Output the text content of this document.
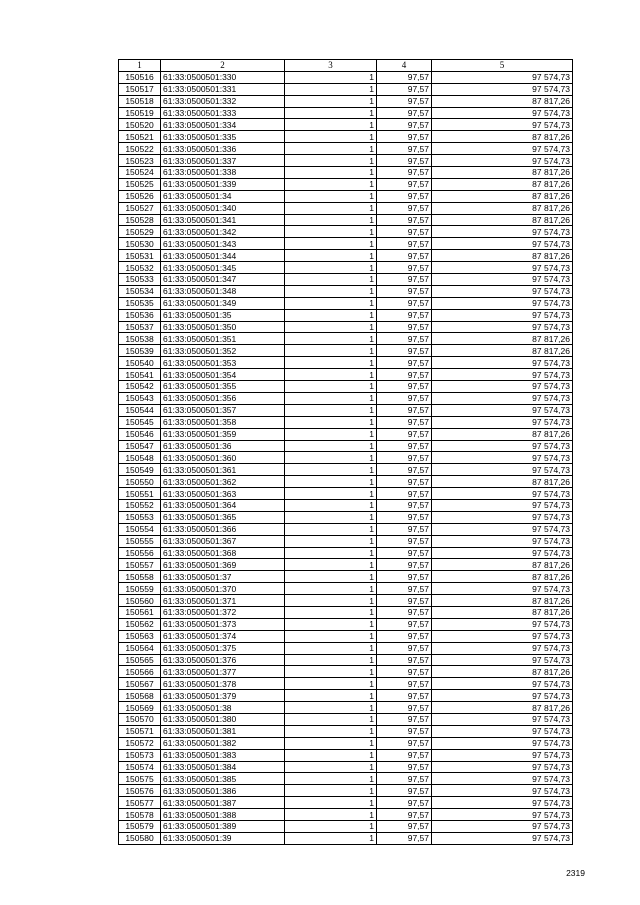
1	2	3	4	5
150516	61:33:0500501:330	1	97,57	97 574,73
150517	61:33:0500501:331	1	97,57	97 574,73
150518	61:33:0500501:332	1	97,57	87 817,26
150519	61:33:0500501:333	1	97,57	97 574,73
150520	61:33:0500501:334	1	97,57	97 574,73
150521	61:33:0500501:335	1	97,57	87 817,26
150522	61:33:0500501:336	1	97,57	97 574,73
150523	61:33:0500501:337	1	97,57	97 574,73
150524	61:33:0500501:338	1	97,57	87 817,26
150525	61:33:0500501:339	1	97,57	87 817,26
150526	61:33:0500501:34	1	97,57	87 817,26
150527	61:33:0500501:340	1	97,57	87 817,26
150528	61:33:0500501:341	1	97,57	87 817,26
150529	61:33:0500501:342	1	97,57	97 574,73
150530	61:33:0500501:343	1	97,57	97 574,73
150531	61:33:0500501:344	1	97,57	87 817,26
150532	61:33:0500501:345	1	97,57	97 574,73
150533	61:33:0500501:347	1	97,57	97 574,73
150534	61:33:0500501:348	1	97,57	97 574,73
150535	61:33:0500501:349	1	97,57	97 574,73
150536	61:33:0500501:35	1	97,57	97 574,73
150537	61:33:0500501:350	1	97,57	97 574,73
150538	61:33:0500501:351	1	97,57	87 817,26
150539	61:33:0500501:352	1	97,57	87 817,26
150540	61:33:0500501:353	1	97,57	97 574,73
150541	61:33:0500501:354	1	97,57	97 574,73
150542	61:33:0500501:355	1	97,57	97 574,73
150543	61:33:0500501:356	1	97,57	97 574,73
150544	61:33:0500501:357	1	97,57	97 574,73
150545	61:33:0500501:358	1	97,57	97 574,73
150546	61:33:0500501:359	1	97,57	87 817,26
150547	61:33:0500501:36	1	97,57	97 574,73
150548	61:33:0500501:360	1	97,57	97 574,73
150549	61:33:0500501:361	1	97,57	97 574,73
150550	61:33:0500501:362	1	97,57	87 817,26
150551	61:33:0500501:363	1	97,57	97 574,73
150552	61:33:0500501:364	1	97,57	97 574,73
150553	61:33:0500501:365	1	97,57	97 574,73
150554	61:33:0500501:366	1	97,57	97 574,73
150555	61:33:0500501:367	1	97,57	97 574,73
150556	61:33:0500501:368	1	97,57	97 574,73
150557	61:33:0500501:369	1	97,57	87 817,26
150558	61:33:0500501:37	1	97,57	87 817,26
150559	61:33:0500501:370	1	97,57	97 574,73
150560	61:33:0500501:371	1	97,57	87 817,26
150561	61:33:0500501:372	1	97,57	87 817,26
150562	61:33:0500501:373	1	97,57	97 574,73
150563	61:33:0500501:374	1	97,57	97 574,73
150564	61:33:0500501:375	1	97,57	97 574,73
150565	61:33:0500501:376	1	97,57	97 574,73
150566	61:33:0500501:377	1	97,57	87 817,26
150567	61:33:0500501:378	1	97,57	97 574,73
150568	61:33:0500501:379	1	97,57	97 574,73
150569	61:33:0500501:38	1	97,57	87 817,26
150570	61:33:0500501:380	1	97,57	97 574,73
150571	61:33:0500501:381	1	97,57	97 574,73
150572	61:33:0500501:382	1	97,57	97 574,73
150573	61:33:0500501:383	1	97,57	97 574,73
150574	61:33:0500501:384	1	97,57	97 574,73
150575	61:33:0500501:385	1	97,57	97 574,73
150576	61:33:0500501:386	1	97,57	97 574,73
150577	61:33:0500501:387	1	97,57	97 574,73
150578	61:33:0500501:388	1	97,57	97 574,73
150579	61:33:0500501:389	1	97,57	97 574,73
150580	61:33:0500501:39	1	97,57	97 574,73
2319
